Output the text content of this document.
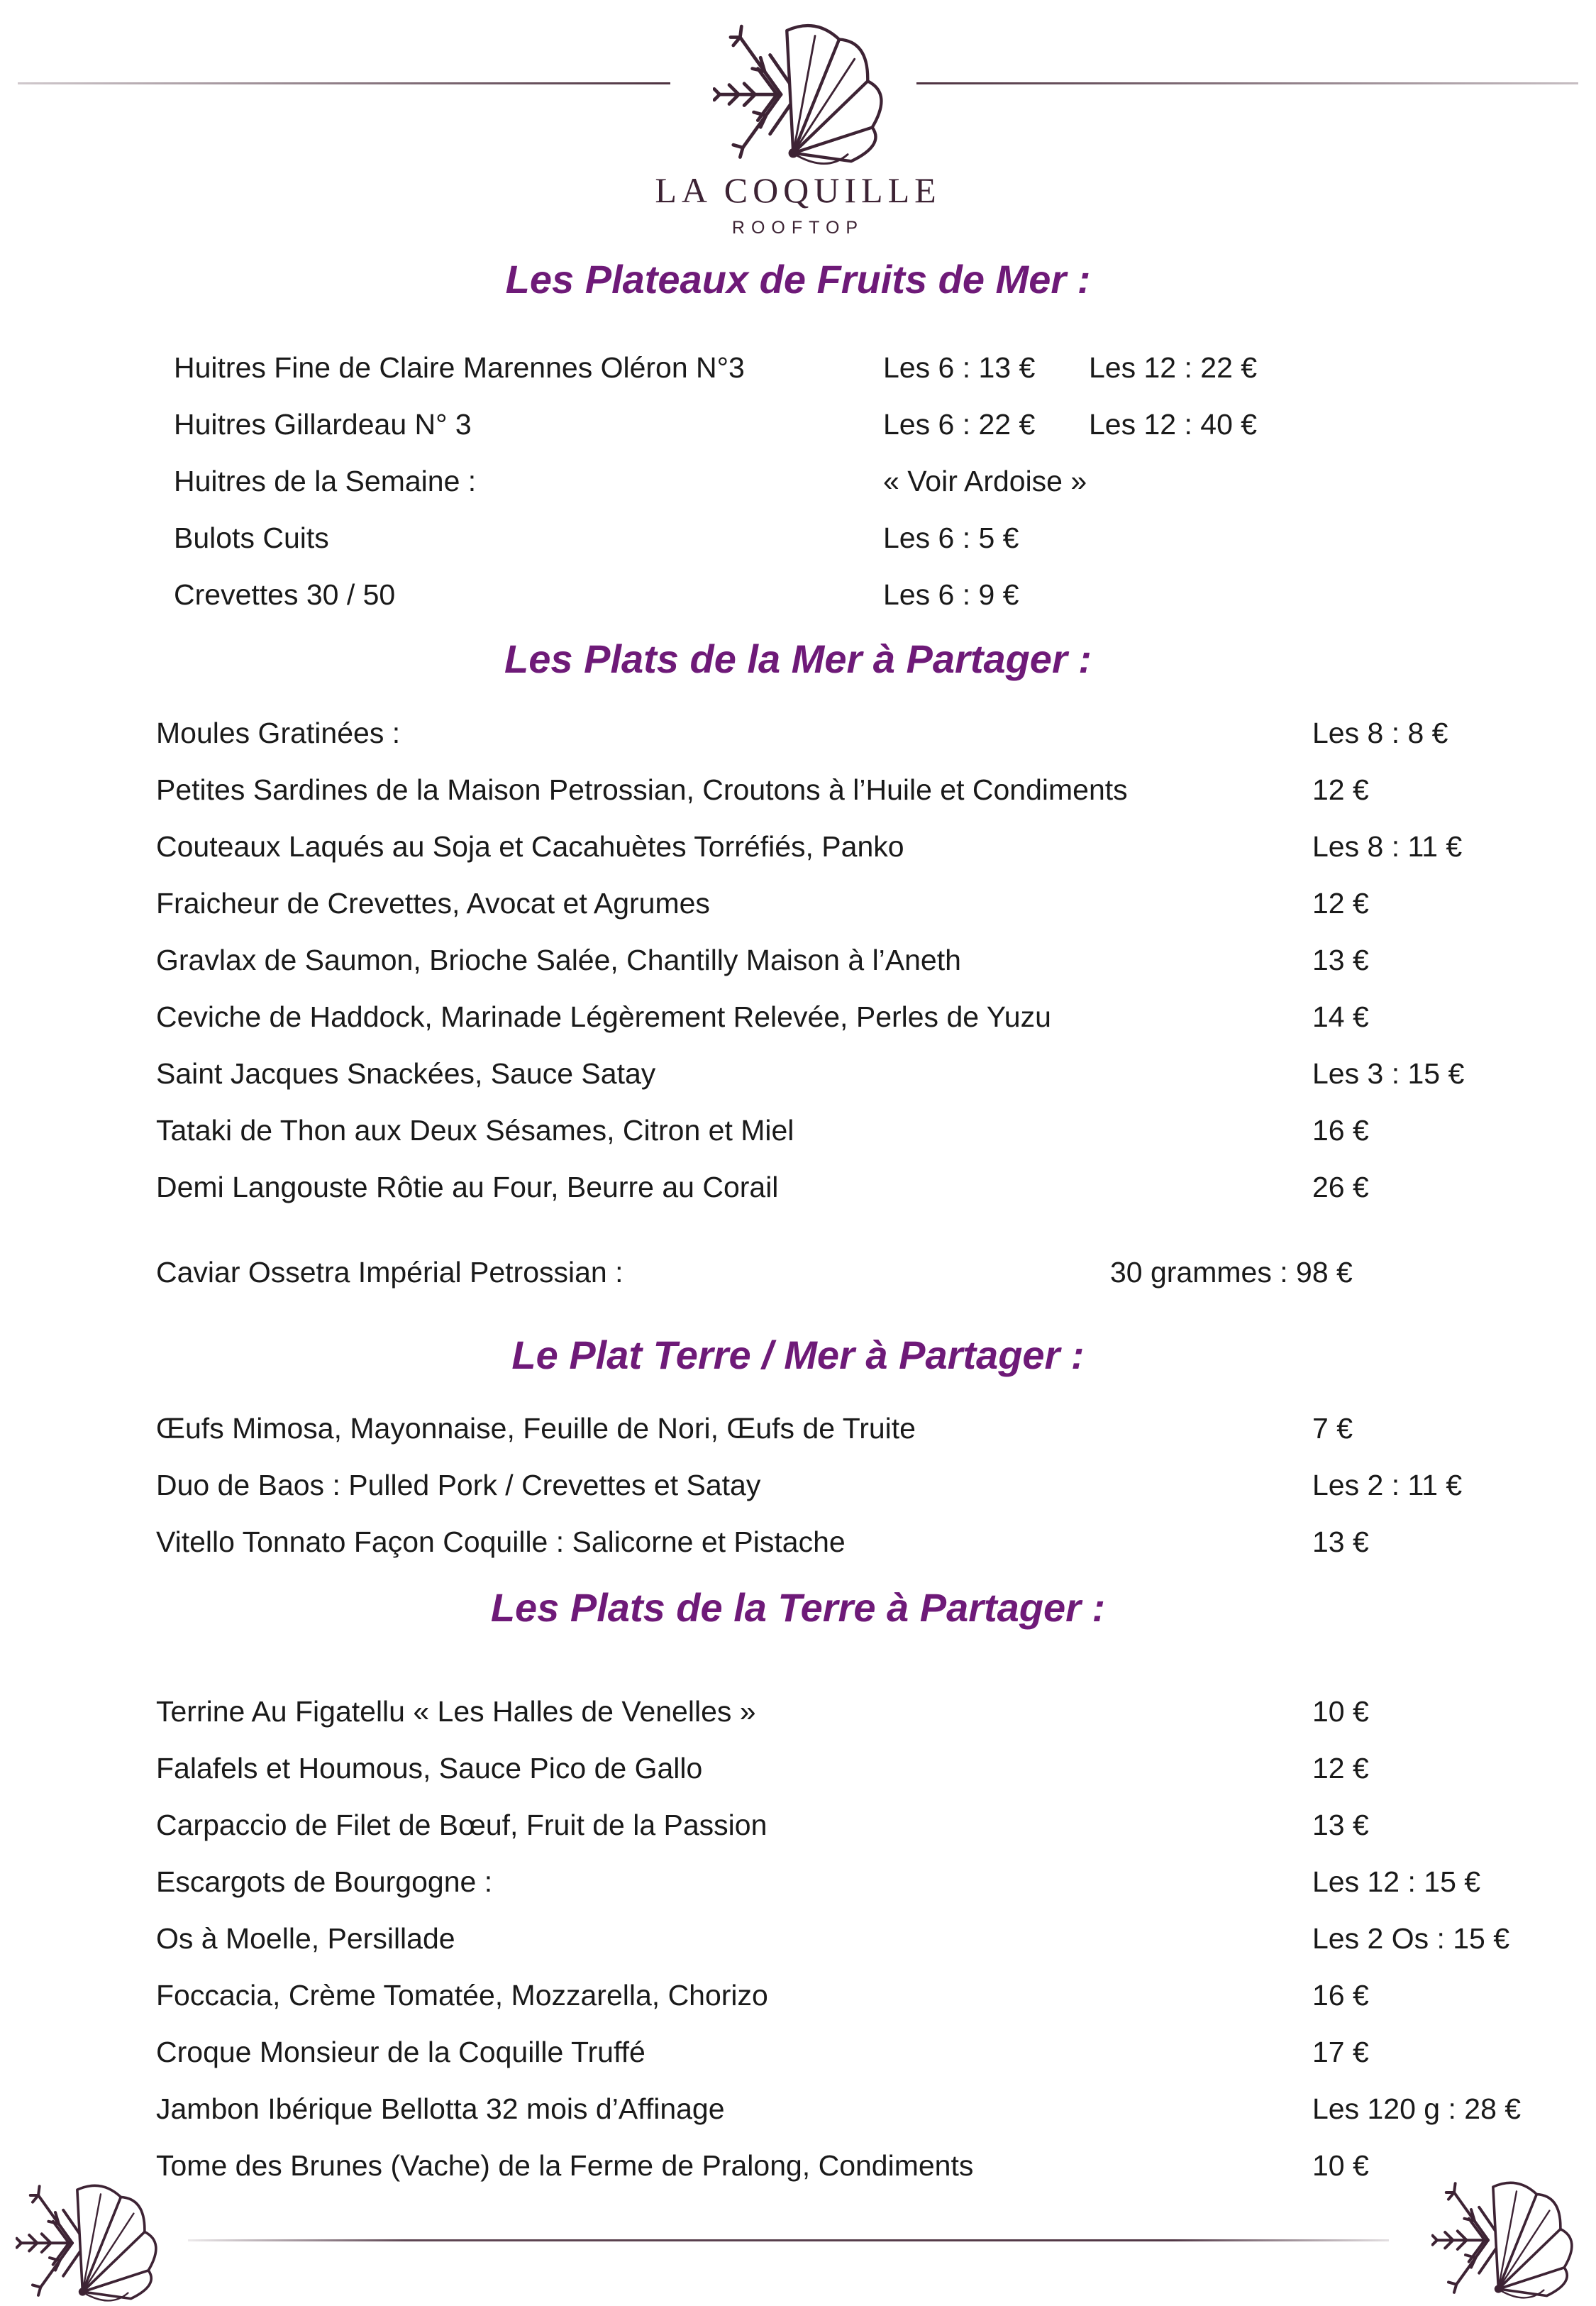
LA COQUILLE
ROOFTOP
Les Plateaux de Fruits de Mer :
Huitres Fine de Claire Marennes Oléron N°3	Les 6 : 13 €	Les 12 : 22 €
Huitres Gillardeau N° 3	Les 6 : 22 €	Les 12 : 40 €
Huitres de la Semaine :	« Voir Ardoise »
Bulots Cuits	Les 6 : 5 €
Crevettes 30 / 50	Les 6 : 9 €
Les Plats de la Mer à Partager :
Moules Gratinées :	Les 8 : 8 €
Petites Sardines de la Maison Petrossian, Croutons à l’Huile et Condiments	12 €
Couteaux Laqués au Soja et Cacahuètes Torréfiés, Panko	Les 8 : 11 €
Fraicheur de Crevettes, Avocat et Agrumes	12 €
Gravlax de Saumon, Brioche Salée, Chantilly Maison à l’Aneth	13 €
Ceviche de Haddock, Marinade Légèrement Relevée, Perles de Yuzu	14 €
Saint Jacques Snackées, Sauce Satay	Les 3 : 15 €
Tataki de Thon aux Deux Sésames, Citron et Miel	16 €
Demi Langouste Rôtie au Four, Beurre au Corail	26 €
Caviar Ossetra Impérial Petrossian :	30 grammes : 98 €
Le Plat Terre / Mer à Partager :
Œufs Mimosa, Mayonnaise, Feuille de Nori, Œufs de Truite	7 €
Duo de Baos : Pulled Pork / Crevettes et Satay	Les 2 : 11 €
Vitello Tonnato Façon Coquille : Salicorne et Pistache	13 €
Les Plats de la Terre à Partager :
Terrine Au Figatellu « Les Halles de Venelles »	10 €
Falafels et Houmous, Sauce Pico de Gallo	12 €
Carpaccio de Filet de Bœuf, Fruit de la Passion	13 €
Escargots de Bourgogne :	Les 12 : 15 €
Os à Moelle, Persillade	Les 2 Os : 15 €
Foccacia, Crème Tomatée, Mozzarella, Chorizo	16 €
Croque Monsieur de la Coquille Truffé	17 €
Jambon Ibérique Bellotta 32 mois d’Affinage	Les 120 g : 28 €
Tome des Brunes (Vache) de la Ferme de Pralong, Condiments	10 €
